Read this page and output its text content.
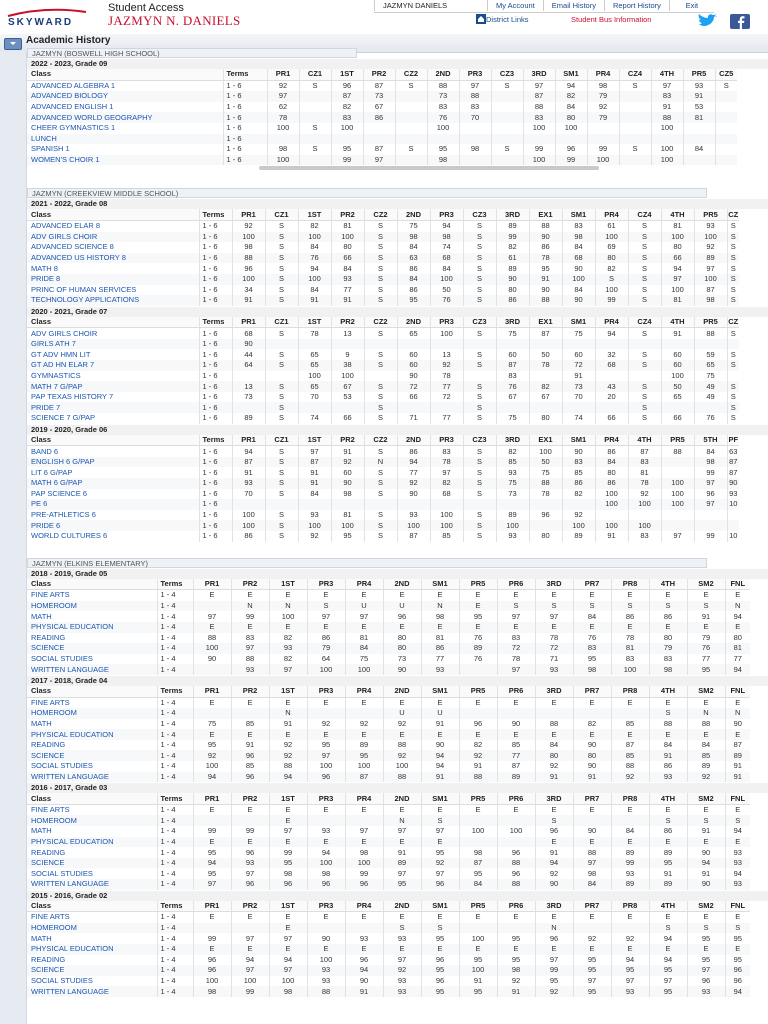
SKYWARD
Student Access
JAZMYN N. DANIELS
JAZMYN DANIELS	My Account	Email History	Report History	Exit
District Links	Student Bus Information
Academic History
JAZMYN (BOSWELL HIGH SCHOOL)
2022 - 2023, Grade 09
Class	Terms	PR1	CZ1	1ST	PR2	CZ2	2ND	PR3	CZ3	3RD	SM1	PR4	CZ4	4TH	PR5	CZ5
ADVANCED ALGEBRA 1	1 - 6	92	S	96	87	S	88	97	S	97	94	98	S	97	93	S
ADVANCED BIOLOGY	1 - 6	97		87	73		73	88		87	82	79		83	91	
ADVANCED ENGLISH 1	1 - 6	62		82	67		83	83		88	84	92		91	53	
ADVANCED WORLD GEOGRAPHY	1 - 6	78		83	86		76	70		83	80	79		88	81	
CHEER GYMNASTICS 1	1 - 6	100	S	100			100			100	100			100		
LUNCH	1 - 6															
SPANISH 1	1 - 6	98	S	95	87	S	95	98	S	99	96	99	S	100	84	
WOMEN'S CHOIR 1	1 - 6	100		99	97		98			100	99	100		100		
JAZMYN (CREEKVIEW MIDDLE SCHOOL)
2021 - 2022, Grade 08
Class	Terms	PR1	CZ1	1ST	PR2	CZ2	2ND	PR3	CZ3	3RD	EX1	SM1	PR4	CZ4	4TH	PR5	CZ
ADVANCED ELAR 8	1 - 6	92	S	82	81	S	75	94	S	89	88	83	61	S	81	93	S
ADV GIRLS CHOIR	1 - 6	100	S	100	100	S	98	98	S	99	90	98	100	S	100	100	S
ADVANCED SCIENCE 8	1 - 6	98	S	84	80	S	84	74	S	82	86	84	69	S	80	92	S
ADVANCED US HISTORY 8	1 - 6	88	S	76	66	S	63	68	S	61	78	68	80	S	66	89	S
MATH 8	1 - 6	96	S	94	84	S	86	84	S	89	95	90	82	S	94	97	S
PRIDE 8	1 - 6	100	S	100	93	S	84	100	S	90	91	100	S	S	97	100	S
PRINC OF HUMAN SERVICES	1 - 6	34	S	84	77	S	86	50	S	80	90	84	100	S	100	87	S
TECHNOLOGY APPLICATIONS	1 - 6	91	S	91	91	S	95	76	S	86	88	90	99	S	81	98	S
2020 - 2021, Grade 07
Class	Terms	PR1	CZ1	1ST	PR2	CZ2	2ND	PR3	CZ3	3RD	EX1	SM1	PR4	CZ4	4TH	PR5	CZ
ADV GIRLS CHOIR	1 - 6	68	S	78	13	S	65	100	S	75	87	75	94	S	91	88	S
GIRLS ATH 7	1 - 6	90															
GT ADV HMN LIT	1 - 6	44	S	65	9	S	60	13	S	60	50	60	32	S	60	59	S
GT AD HN ELAR 7	1 - 6	64	S	65	38	S	60	92	S	87	78	72	68	S	60	65	S
GYMNASTICS	1 - 6			100	100		90	78		83		91			100	75	
MATH 7 G/PAP	1 - 6	13	S	65	67	S	72	77	S	76	82	73	43	S	50	49	S
PAP TEXAS HISTORY 7	1 - 6	73	S	70	53	S	66	72	S	67	67	70	20	S	65	49	S
PRIDE 7	1 - 6		S			S			S					S			S
SCIENCE 7 G/PAP	1 - 6	89	S	74	66	S	71	77	S	75	80	74	66	S	66	76	S
2019 - 2020, Grade 06
Class	Terms	PR1	CZ1	1ST	PR2	CZ2	2ND	PR3	CZ3	3RD	EX1	SM1	PR4	4TH	PR5	5TH	PF
BAND 6	1 - 6	94	S	97	91	S	86	83	S	82	100	90	86	87	88	84	63
ENGLISH 6 G/PAP	1 - 6	87	S	87	92	N	94	78	S	85	50	83	84	83		98	87
LIT 6 G/PAP	1 - 6	91	S	91	60	S	77	97	S	93	75	85	80	81		99	87
MATH 6 G/PAP	1 - 6	93	S	91	90	S	92	82	S	75	88	86	86	78	100	97	90
PAP SCIENCE 6	1 - 6	70	S	84	98	S	90	68	S	73	78	82	100	92	100	96	93
PE 6	1 - 6												100	100	100	97	10
PRE-ATHLETICS 6	1 - 6	100	S	93	81	S	93	100	S	89	96	92					
PRIDE 6	1 - 6	100	S	100	100	S	100	100	S	100		100	100	100			
WORLD CULTURES 6	1 - 6	86	S	92	95	S	87	85	S	93	80	89	91	83	97	99	10
JAZMYN (ELKINS ELEMENTARY)
2018 - 2019, Grade 05
Class	Terms	PR1	PR2	1ST	PR3	PR4	2ND	SM1	PR5	PR6	3RD	PR7	PR8	4TH	SM2	FNL
FINE ARTS	1 - 4	E	E	E	E	E	E	E	E	E	E	E	E	E	E	E
HOMEROOM	1 - 4		N	N	S	U	U	N	E	S	S	S	S	S	S	N
MATH	1 - 4	97	99	100	97	97	96	98	95	97	97	84	86	86	91	94
PHYSICAL EDUCATION	1 - 4	E	E	E	E	E	E	E	E	E	E	E	E	E	E	E
READING	1 - 4	88	83	82	86	81	80	81	76	83	78	76	78	80	79	80
SCIENCE	1 - 4	100	97	93	79	84	80	86	89	72	72	83	81	79	76	81
SOCIAL STUDIES	1 - 4	90	88	82	64	75	73	77	76	78	71	95	83	83	77	77
WRITTEN LANGUAGE	1 - 4		93	97	100	100	90	93		97	93	98	100	98	95	94
2017 - 2018, Grade 04
Class	Terms	PR1	PR2	1ST	PR3	PR4	2ND	SM1	PR5	PR6	3RD	PR7	PR8	4TH	SM2	FNL
FINE ARTS	1 - 4	E	E	E	E	E	E	E	E	E	E	E	E	E	E	E
HOMEROOM	1 - 4			N			U	U						S	N	N
MATH	1 - 4	75	85	91	92	92	92	91	96	90	88	82	85	88	88	90
PHYSICAL EDUCATION	1 - 4	E	E	E	E	E	E	E	E	E	E	E	E	E	E	E
READING	1 - 4	95	91	92	95	89	88	90	82	85	84	90	87	84	84	87
SCIENCE	1 - 4	92	96	92	97	95	92	94	92	77	80	80	85	91	85	89
SOCIAL STUDIES	1 - 4	100	85	88	100	100	100	94	91	87	92	90	88	86	89	91
WRITTEN LANGUAGE	1 - 4	94	96	94	96	87	88	91	88	89	91	91	92	93	92	91
2016 - 2017, Grade 03
Class	Terms	PR1	PR2	1ST	PR3	PR4	2ND	SM1	PR5	PR6	3RD	PR7	PR8	4TH	SM2	FNL
FINE ARTS	1 - 4	E	E	E	E	E	E	E	E	E	E	E	E	E	E	E
HOMEROOM	1 - 4			E			N	S			S			S	S	S
MATH	1 - 4	99	99	97	93	97	97	97	100	100	96	90	84	86	91	94
PHYSICAL EDUCATION	1 - 4	E	E	E	E	E	E	E			E	E	E	E	E	E
READING	1 - 4	95	96	99	94	98	91	95	98	96	91	88	89	89	90	93
SCIENCE	1 - 4	94	93	95	100	100	89	92	87	88	94	97	99	95	94	93
SOCIAL STUDIES	1 - 4	95	97	98	98	99	97	97	95	96	92	98	93	91	91	94
WRITTEN LANGUAGE	1 - 4	97	96	96	96	96	95	96	84	88	90	84	89	89	90	93
2015 - 2016, Grade 02
Class	Terms	PR1	PR2	1ST	PR3	PR4	2ND	SM1	PR5	PR6	3RD	PR7	PR8	4TH	SM2	FNL
FINE ARTS	1 - 4	E	E	E	E	E	E	E	E	E	E	E	E	E	E	E
HOMEROOM	1 - 4			E			S	S			N			S	S	S
MATH	1 - 4	99	97	97	90	93	93	95	100	95	96	92	92	94	95	95
PHYSICAL EDUCATION	1 - 4	E	E	E	E	E	E	E	E	E	E	E	E	E	E	E
READING	1 - 4	96	94	94	100	96	97	96	95	95	97	95	94	94	95	95
SCIENCE	1 - 4	96	97	97	93	94	92	95	100	98	99	95	95	95	97	96
SOCIAL STUDIES	1 - 4	100	100	100	93	90	93	96	91	92	95	97	97	97	96	96
WRITTEN LANGUAGE	1 - 4	98	99	98	88	91	93	95	95	91	92	95	93	95	93	94
